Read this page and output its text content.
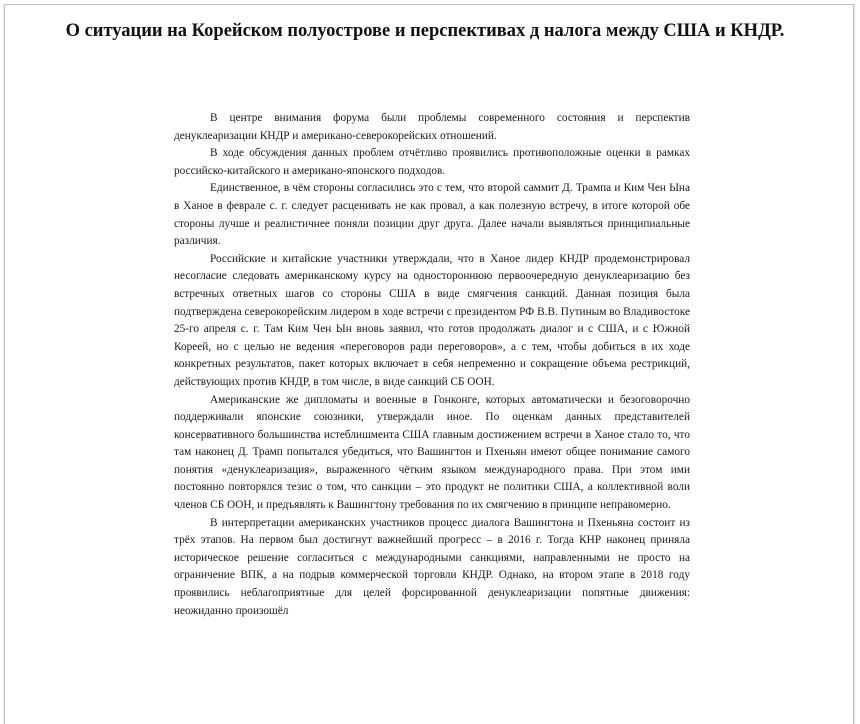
О ситуации на Корейском полуострове и перспективах д налога между США и КНДР.

В центре внимания форума были проблемы современного состояния и перспектив денуклеаризации КНДР и американо-северокорейских отношений.

В ходе обсуждения данных проблем отчётливо проявились противоположные оценки в рамках российско-китайского и американо-японского подходов.

Единственное, в чём стороны согласились это с тем, что второй саммит Д. Трампа и Ким Чен Ына в Ханое в феврале с. г. следует расценивать не как провал, а как полезную встречу, в итоге которой обе стороны лучше и реалистичнее поняли позиции друг друга. Далее начали выявляться принципиальные различия.

Российские и китайские участники утверждали, что в Ханое лидер КНДР продемонстрировал несогласие следовать американскому курсу на одностороннюю первоочередную денуклеаризацию без встречных ответных шагов со стороны США в виде смягчения санкций. Данная позиция была подтверждена северокорейским лидером в ходе встречи с президентом РФ В.В. Путиным во Владивостоке 25-го апреля с. г. Там Ким Чен Ын вновь заявил, что готов продолжать диалог и с США, и с Южной Кореей, но с целью не ведения «переговоров ради переговоров», а с тем, чтобы добиться в их ходе конкретных результатов, пакет которых включает в себя непременно и сокращение объема рестрикций, действующих против КНДР, в том числе, в виде санкций СБ ООН.

Американские же дипломаты и военные в Гонконге, которых автоматически и безоговорочно поддерживали японские союзники, утверждали иное. По оценкам данных представителей консервативного большинства истеблишмента США главным достижением встречи в Ханое стало то, что там наконец Д. Трамп попытался убедиться, что Вашингтон и Пхеньян имеют общее понимание самого понятия «денуклеаризация», выраженного чётким языком международного права. При этом ими постоянно повторялся тезис о том, что санкции – это продукт не политики США, а коллективной воли членов СБ ООН, и предъявлять к Вашингтону требования по их смягчению в принципе неправомерно.

В интерпретации американских участников процесс диалога Вашингтона и Пхеньяна состоит из трёх этапов. На первом был достигнут важнейший прогресс – в 2016 г. Тогда КНР наконец приняла историческое решение согласиться с международными санкциями, направленными не просто на ограничение ВПК, а на подрыв коммерческой торговли КНДР. Однако, на втором этапе в 2018 году проявились неблагоприятные для целей форсированной денуклеаризации попятные движения: неожиданно произошёл
